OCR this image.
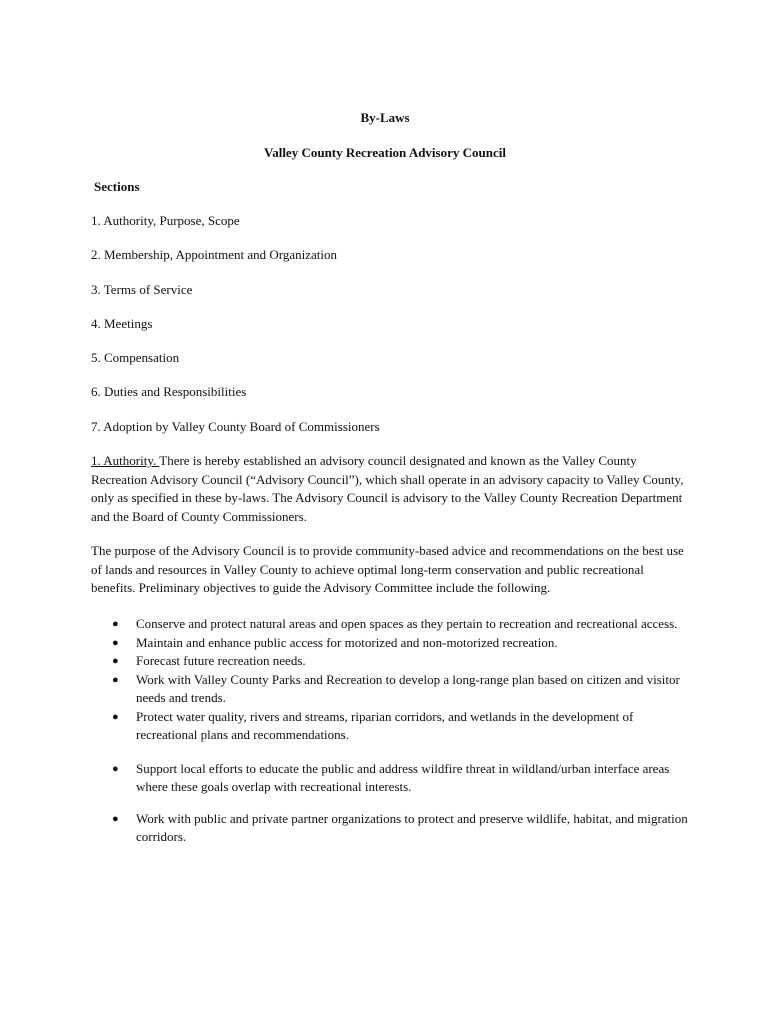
By-Laws
Valley County Recreation Advisory Council
Sections
1. Authority, Purpose, Scope
2. Membership, Appointment and Organization
3. Terms of Service
4. Meetings
5. Compensation
6. Duties and Responsibilities
7. Adoption by Valley County Board of Commissioners

1. Authority. There is hereby established an advisory council designated and known as the Valley County Recreation Advisory Council (“Advisory Council”), which shall operate in an advisory capacity to Valley County, only as specified in these by-laws. The Advisory Council is advisory to the Valley County Recreation Department and the Board of County Commissioners.

The purpose of the Advisory Council is to provide community-based advice and recommendations on the best use of lands and resources in Valley County to achieve optimal long-term conservation and public recreational benefits. Preliminary objectives to guide the Advisory Committee include the following.

● Conserve and protect natural areas and open spaces as they pertain to recreation and recreational access.
● Maintain and enhance public access for motorized and non-motorized recreation.
● Forecast future recreation needs.
● Work with Valley County Parks and Recreation to develop a long-range plan based on citizen and visitor needs and trends.
● Protect water quality, rivers and streams, riparian corridors, and wetlands in the development of recreational plans and recommendations.
● Support local efforts to educate the public and address wildfire threat in wildland/urban interface areas where these goals overlap with recreational interests.
● Work with public and private partner organizations to protect and preserve wildlife, habitat, and migration corridors.
